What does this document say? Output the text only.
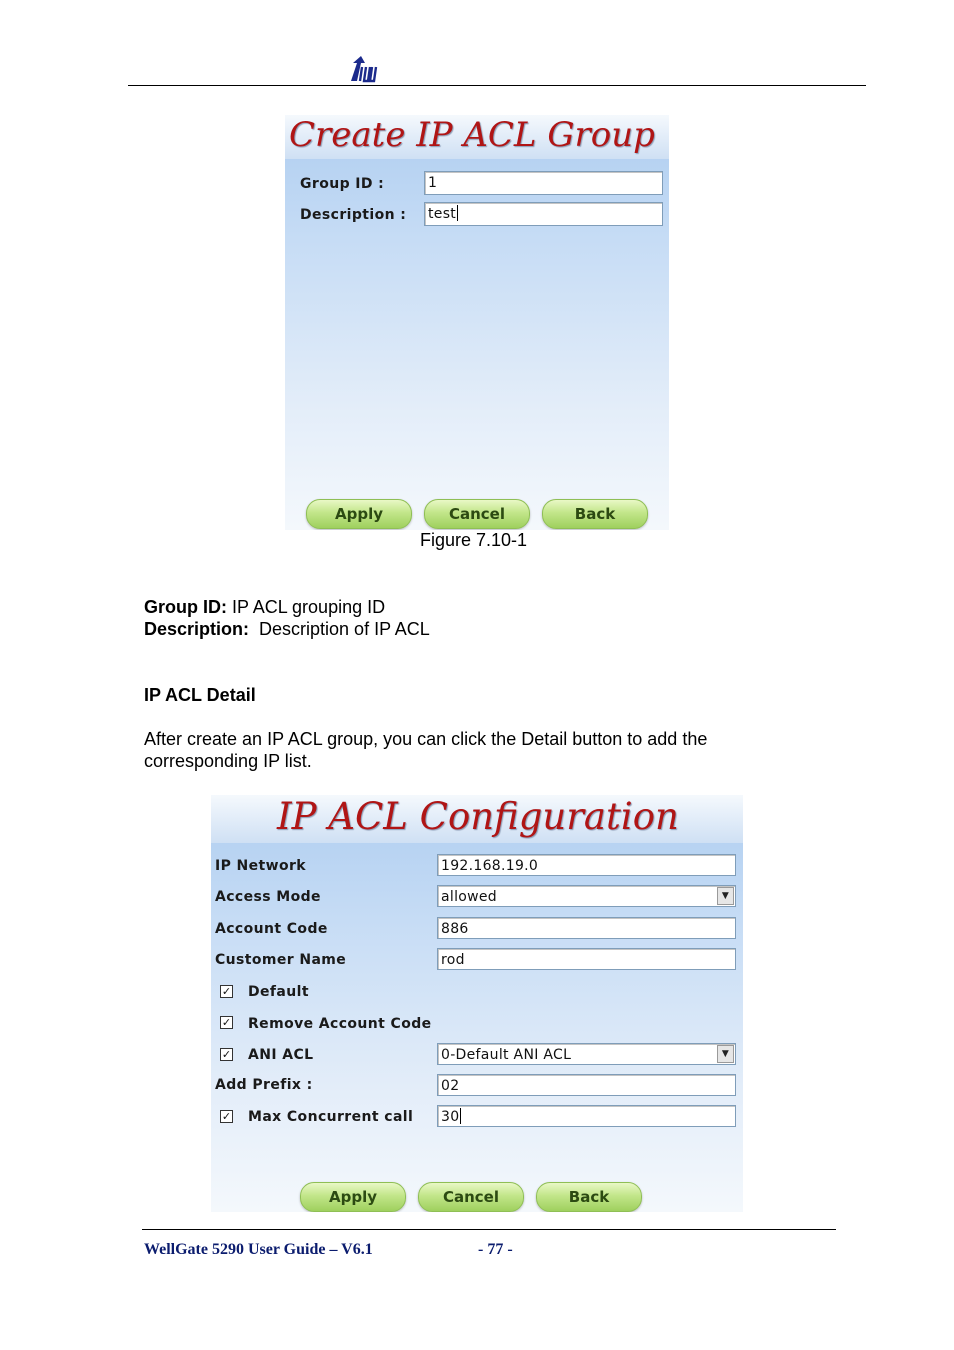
Create IP ACL Group
Group ID :	1
Description : test
Apply	Cancel	Back
Figure 7.10-1
Group ID: IP ACL grouping ID
Description:  Description of IP ACL
IP ACL Detail
After create an IP ACL group, you can click the Detail button to add the
corresponding IP list.
IP ACL Configuration
IP Network	192.168.19.0
Access Mode	allowed	▼
Account Code	886
Customer Name	rod
✓ Default
✓ Remove Account Code
✓ ANI ACL	0-Default ANI ACL	▼
Add Prefix :	02
✓ Max Concurrent call 30
Apply	Cancel	Back
WellGate 5290 User Guide – V6.1	- 77 -
